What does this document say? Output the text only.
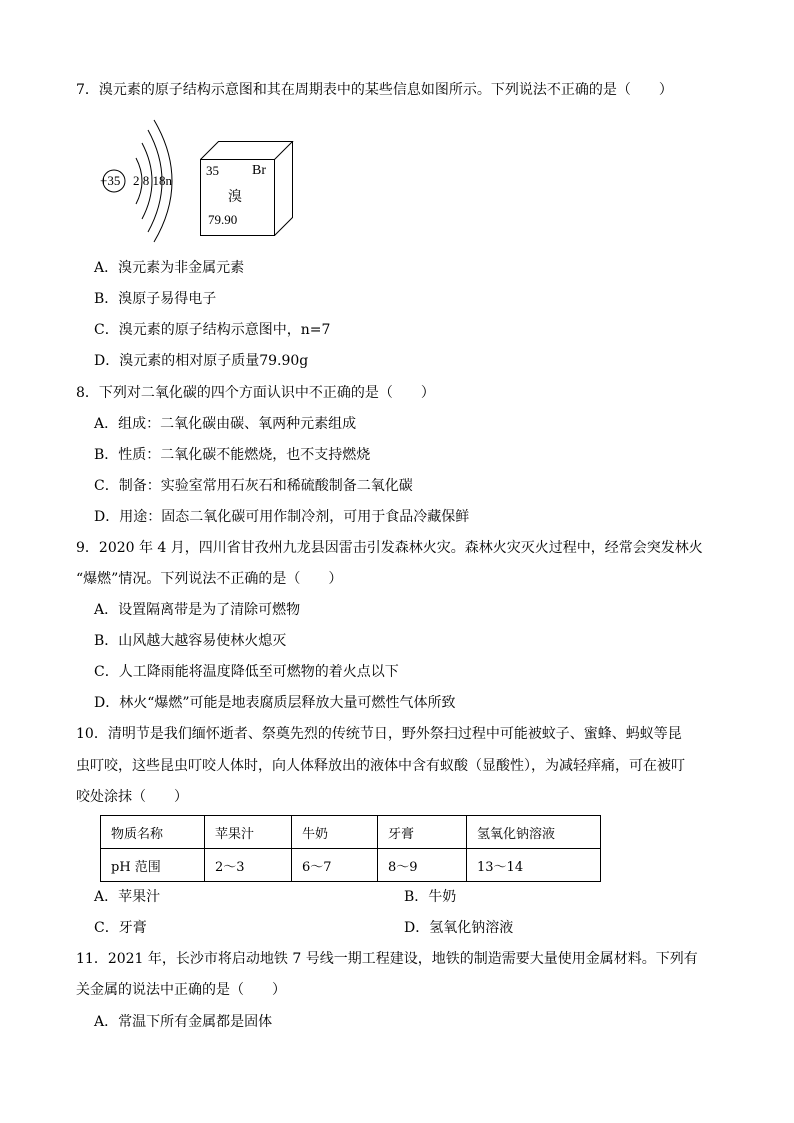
7．溴元素的原子结构示意图和其在周期表中的某些信息如图所示。下列说法不正确的是（　　）
+35 2 8 18n
35 Br
溴
79.90
A．溴元素为非金属元素
B．溴原子易得电子
C．溴元素的原子结构示意图中，n=7
D．溴元素的相对原子质量79.90g
8．下列对二氧化碳的四个方面认识中不正确的是（　　）
A．组成：二氧化碳由碳、氧两种元素组成
B．性质：二氧化碳不能燃烧，也不支持燃烧
C．制备：实验室常用石灰石和稀硫酸制备二氧化碳
D．用途：固态二氧化碳可用作制冷剂，可用于食品冷藏保鲜
9．2020 年 4 月，四川省甘孜州九龙县因雷击引发森林火灾。森林火灾灭火过程中，经常会突发林火
“爆燃”情况。下列说法不正确的是（　　）
A．设置隔离带是为了清除可燃物
B．山风越大越容易使林火熄灭
C．人工降雨能将温度降低至可燃物的着火点以下
D．林火“爆燃”可能是地表腐质层释放大量可燃性气体所致
10．清明节是我们缅怀逝者、祭奠先烈的传统节日，野外祭扫过程中可能被蚊子、蜜蜂、蚂蚁等昆
虫叮咬，这些昆虫叮咬人体时，向人体释放出的液体中含有蚁酸（显酸性），为减轻痒痛，可在被叮
咬处涂抹（　　）
物质名称	苹果汁	牛奶	牙膏	氢氧化钠溶液
pH 范围	2～3	6～7	8～9	13～14
A．苹果汁	B．牛奶
C．牙膏	D．氢氧化钠溶液
11．2021 年，长沙市将启动地铁 7 号线一期工程建设，地铁的制造需要大量使用金属材料。下列有
关金属的说法中正确的是（　　）
A．常温下所有金属都是固体
